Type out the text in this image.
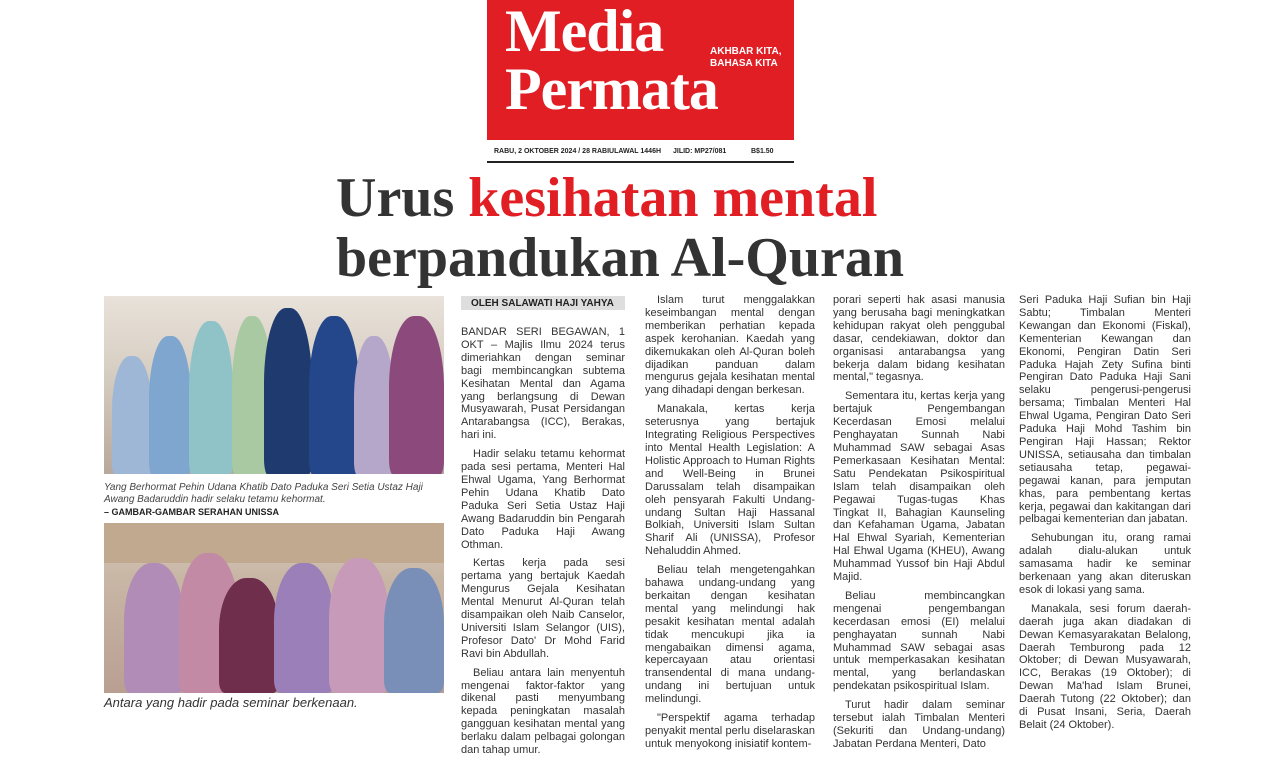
Media
Permata
AKHBAR KITA,
BAHASA KITA
RABU, 2 OKTOBER 2024 / 28 RABIULAWAL 1446H JILID: MP27/081	B$1.50
Urus kesihatan mental
berpandukan Al-Quran
Yang Berhormat Pehin Udana Khatib Dato Paduka Seri Setia Ustaz Haji Awang Badaruddin hadir selaku tetamu kehormat.
– GAMBAR-GAMBAR SERAHAN UNISSA
Antara yang hadir pada seminar berkenaan.
OLEH SALAWATI HAJI YAHYA

BANDAR SERI BEGAWAN, 1 OKT – Majlis Ilmu 2024 terus dimeriahkan dengan seminar bagi membincangkan subtema Kesihatan Mental dan Agama yang berlangsung di Dewan Musyawarah, Pusat Persidangan Antarabangsa (ICC), Berakas, hari ini.

Hadir selaku tetamu kehormat pada sesi pertama, Menteri Hal Ehwal Ugama, Yang Berhormat Pehin Udana Khatib Dato Paduka Seri Setia Ustaz Haji Awang Badaruddin bin Pengarah Dato Paduka Haji Awang Othman.

Kertas kerja pada sesi pertama yang bertajuk Kaedah Mengurus Gejala Kesihatan Mental Menurut Al-Quran telah disampaikan oleh Naib Canselor, Universiti Islam Selangor (UIS), Profesor Dato' Dr Mohd Farid Ravi bin Abdullah.

Beliau antara lain menyentuh mengenai faktor-faktor yang dikenal pasti menyumbang kepada peningkatan masalah gangguan kesihatan mental yang berlaku dalam pelbagai golongan dan tahap umur.

Islam turut menggalakkan keseimbangan mental dengan memberikan perhatian kepada aspek kerohanian. Kaedah yang dikemukakan oleh Al-Quran boleh dijadikan panduan dalam mengurus gejala kesihatan mental yang dihadapi dengan berkesan.

Manakala, kertas kerja seterusnya yang bertajuk Integrating Religious Perspectives into Mental Health Legislation: A Holistic Approach to Human Rights and Well-Being in Brunei Darussalam telah disampaikan oleh pensyarah Fakulti Undang-undang Sultan Haji Hassanal Bolkiah, Universiti Islam Sultan Sharif Ali (UNISSA), Profesor Nehaluddin Ahmed.

Beliau telah mengetengahkan bahawa undang-undang yang berkaitan dengan kesihatan mental yang melindungi hak pesakit kesihatan mental adalah tidak mencukupi jika ia mengabaikan dimensi agama, kepercayaan atau orientasi transendental di mana undang-undang ini bertujuan untuk melindungi.

"Perspektif agama terhadap penyakit mental perlu diselaraskan untuk menyokong inisiatif kontem-

porari seperti hak asasi manusia yang berusaha bagi meningkatkan kehidupan rakyat oleh penggubal dasar, cendekiawan, doktor dan organisasi antarabangsa yang bekerja dalam bidang kesihatan mental," tegasnya.

Sementara itu, kertas kerja yang bertajuk Pengembangan Kecerdasan Emosi melalui Penghayatan Sunnah Nabi Muhammad SAW sebagai Asas Pemerkasaan Kesihatan Mental: Satu Pendekatan Psikospiritual Islam telah disampaikan oleh Pegawai Tugas-tugas Khas Tingkat II, Bahagian Kaunseling dan Kefahaman Ugama, Jabatan Hal Ehwal Syariah, Kementerian Hal Ehwal Ugama (KHEU), Awang Muhammad Yussof bin Haji Abdul Majid.

Beliau membincangkan mengenai pengembangan kecerdasan emosi (EI) melalui penghayatan sunnah Nabi Muhammad SAW sebagai asas untuk memperkasakan kesihatan mental, yang berlandaskan pendekatan psikospiritual Islam.

Turut hadir dalam seminar tersebut ialah Timbalan Menteri (Sekuriti dan Undang-undang) Jabatan Perdana Menteri, Dato

Seri Paduka Haji Sufian bin Haji Sabtu; Timbalan Menteri Kewangan dan Ekonomi (Fiskal), Kementerian Kewangan dan Ekonomi, Pengiran Datin Seri Paduka Hajah Zety Sufina binti Pengiran Dato Paduka Haji Sani selaku pengerusi-pengerusi bersama; Timbalan Menteri Hal Ehwal Ugama, Pengiran Dato Seri Paduka Haji Mohd Tashim bin Pengiran Haji Hassan; Rektor UNISSA, setiausaha dan timbalan setiausaha tetap, pegawai-pegawai kanan, para jemputan khas, para pembentang kertas kerja, pegawai dan kakitangan dari pelbagai kementerian dan jabatan.

Sehubungan itu, orang ramai adalah dialu-alukan untuk samasama hadir ke seminar berkenaan yang akan diteruskan esok di lokasi yang sama.

Manakala, sesi forum daerah-daerah juga akan diadakan di Dewan Kemasyarakatan Belalong, Daerah Temburong pada 12 Oktober; di Dewan Musyawarah, ICC, Berakas (19 Oktober); di Dewan Ma'had Islam Brunei, Daerah Tutong (22 Oktober); dan di Pusat Insani, Seria, Daerah Belait (24 Oktober).
